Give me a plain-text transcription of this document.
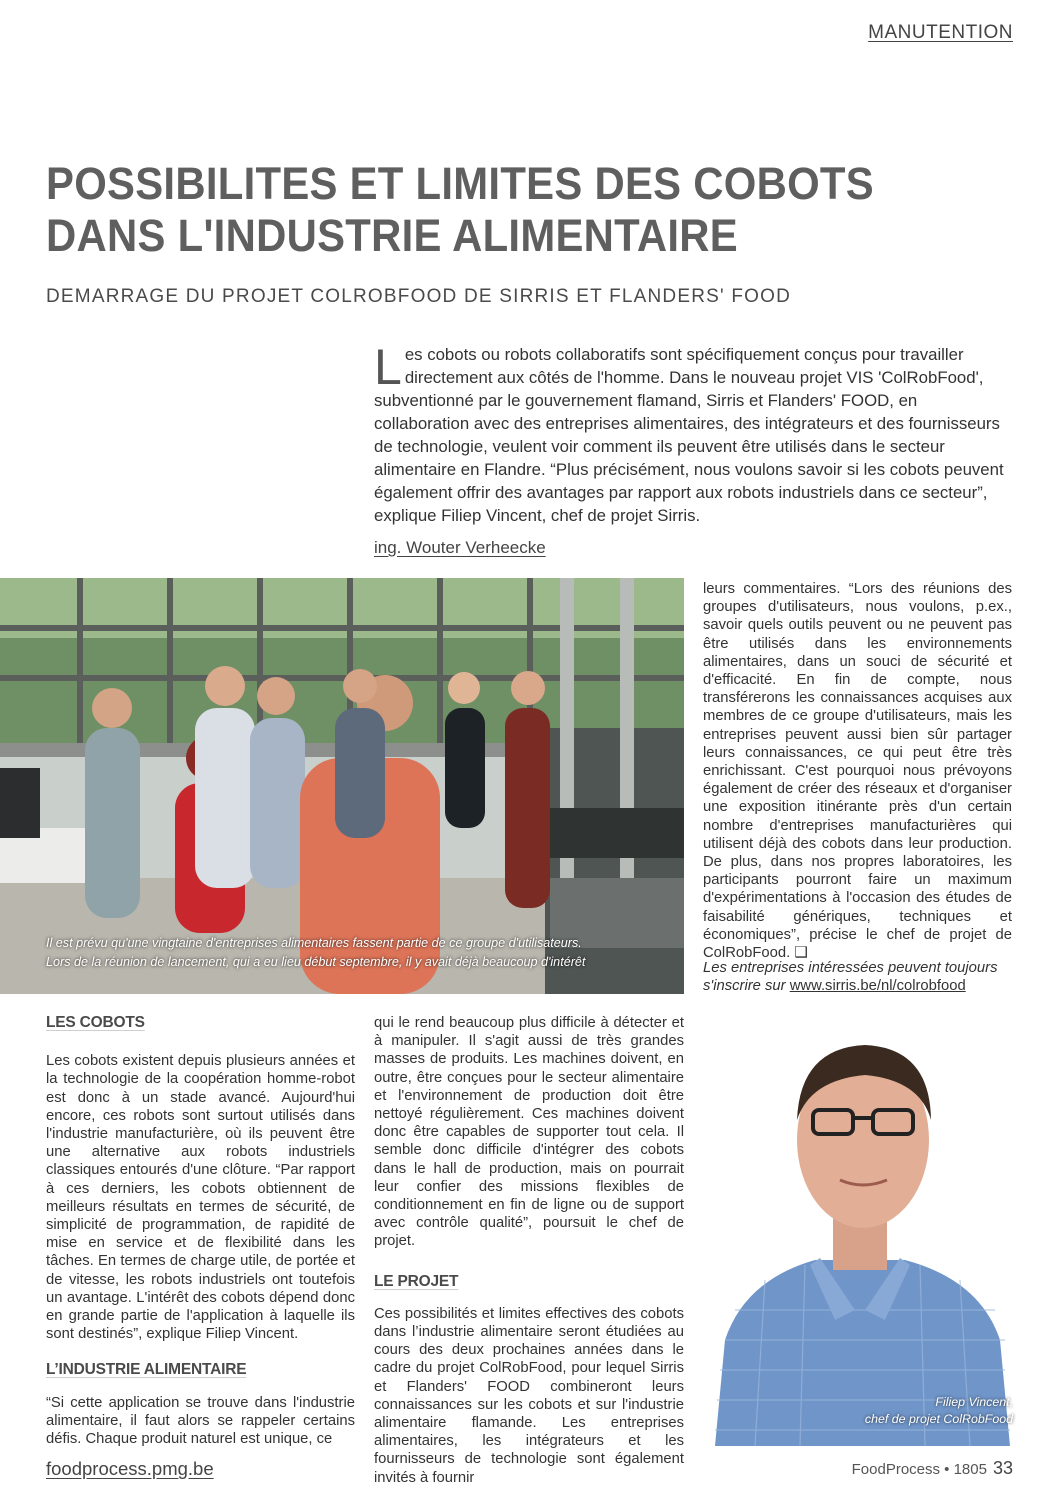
MANUTENTION
POSSIBILITES ET LIMITES DES COBOTS
DANS L'INDUSTRIE ALIMENTAIRE
DEMARRAGE DU PROJET COLROBFOOD DE SIRRIS ET FLANDERS' FOOD
Les cobots ou robots collaboratifs sont spécifiquement conçus pour travailler directement aux côtés de l'homme. Dans le nouveau projet VIS 'ColRobFood', subventionné par le gouvernement flamand, Sirris et Flanders' FOOD, en collaboration avec des entreprises alimentaires, des intégrateurs et des fournisseurs de technologie, veulent voir comment ils peuvent être utilisés dans le secteur alimentaire en Flandre. “Plus précisément, nous voulons savoir si les cobots peuvent également offrir des avantages par rapport aux robots industriels dans ce secteur”, explique Filiep Vincent, chef de projet Sirris.
ing. Wouter Verheecke
Il est prévu qu'une vingtaine d'entreprises alimentaires fassent partie de ce groupe d'utilisateurs.
Lors de la réunion de lancement, qui a eu lieu début septembre, il y avait déjà beaucoup d'intérêt

leurs commentaires. “Lors des réunions des groupes d'utilisateurs, nous voulons, p.ex., savoir quels outils peuvent ou ne peuvent pas être utilisés dans les environnements alimentaires, dans un souci de sécurité et d'efficacité. En fin de compte, nous transférerons les connaissances acquises aux membres de ce groupe d'utilisateurs, mais les entreprises peuvent aussi bien sûr partager leurs connaissances, ce qui peut être très enrichissant. C'est pourquoi nous prévoyons également de créer des réseaux et d'organiser une exposition itinérante près d'un certain nombre d'entreprises manufacturières qui utilisent déjà des cobots dans leur production. De plus, dans nos propres laboratoires, les participants pourront faire un maximum d'expérimentations à l'occasion des études de faisabilité génériques, techniques et économiques”, précise le chef de projet de ColRobFood. ❑

Les entreprises intéressées peuvent toujours s'inscrire sur www.sirris.be/nl/colrobfood
LES COBOTS

Les cobots existent depuis plusieurs années et la technologie de la coopération homme-robot est donc à un stade avancé. Aujourd'hui encore, ces robots sont surtout utilisés dans l'industrie manufacturière, où ils peuvent être une alternative aux robots industriels classiques entourés d'une clôture. “Par rapport à ces derniers, les cobots obtiennent de meilleurs résultats en termes de sécurité, de simplicité de programmation, de rapidité de mise en service et de flexibilité dans les tâches. En termes de charge utile, de portée et de vitesse, les robots industriels ont toutefois un avantage. L'intérêt des cobots dépend donc en grande partie de l'application à laquelle ils sont destinés”, explique Filiep Vincent.

L’INDUSTRIE ALIMENTAIRE

“Si cette application se trouve dans l'industrie alimentaire, il faut alors se rappeler certains défis. Chaque produit naturel est unique, ce

qui le rend beaucoup plus difficile à détecter et à manipuler. Il s'agit aussi de très grandes masses de produits. Les machines doivent, en outre, être conçues pour le secteur alimentaire et l'environnement de production doit être nettoyé régulièrement. Ces machines doivent donc être capables de supporter tout cela. Il semble donc difficile d'intégrer des cobots dans le hall de production, mais on pourrait leur confier des missions flexibles de conditionnement en fin de ligne ou de support avec contrôle qualité”, poursuit le chef de projet.

LE PROJET

Ces possibilités et limites effectives des cobots dans l’industrie alimentaire seront étudiées au cours des deux prochaines années dans le cadre du projet ColRobFood, pour lequel Sirris et Flanders' FOOD combineront leurs connaissances sur les cobots et sur l'industrie alimentaire flamande. Les entreprises alimentaires, les intégrateurs et les fournisseurs de technologie sont également invités à fournir

Filiep Vincent,
chef de projet ColRobFood
foodprocess.pmg.be	FoodProcess • 1805 33
